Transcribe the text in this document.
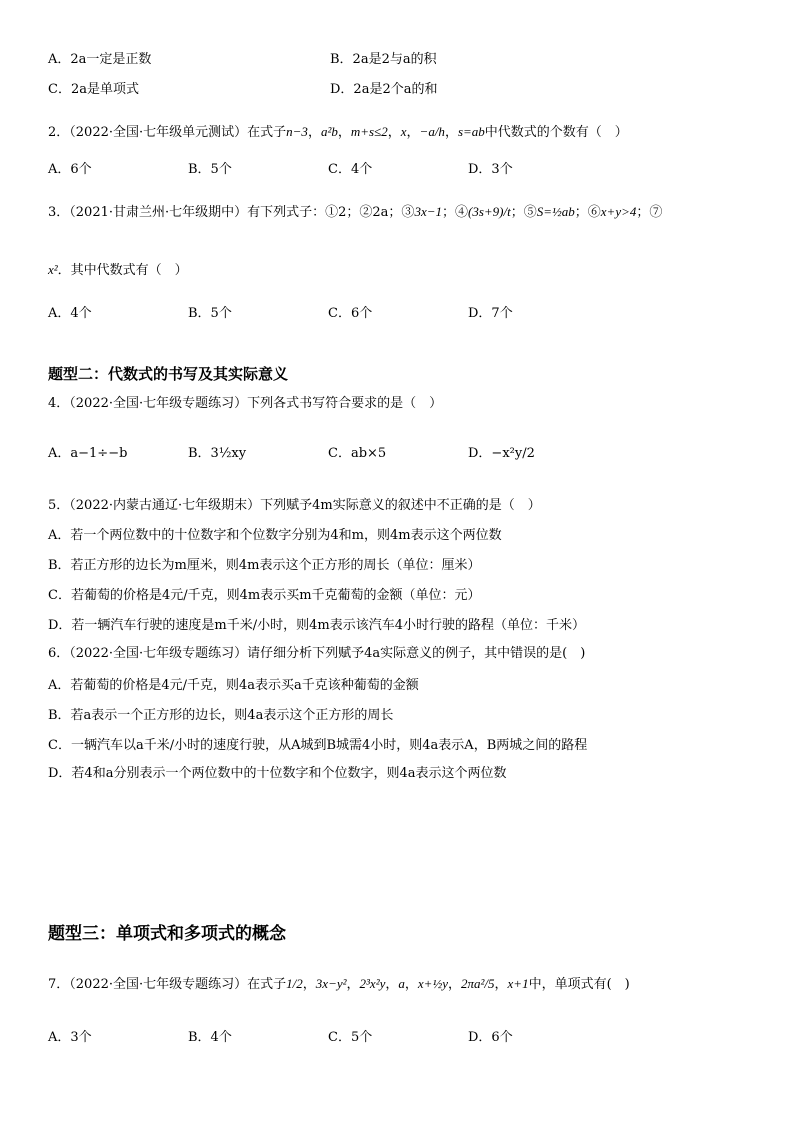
A．2a一定是正数	B．2a是2与a的积
C．2a是单项式	D．2a是2个a的和
2．（2022·全国·七年级单元测试）在式子n−3，a²b，m+s≤2，x，−a/h，s=ab中代数式的个数有（　）
A．6个	B．5个	C．4个	D．3个
3．（2021·甘肃兰州·七年级期中）有下列式子：①2；②2a；③3x−1；④(3s+9)/t；⑤S=½ab；⑥x+y>4；⑦
x²．其中代数式有（　）
A．4个	B．5个	C．6个	D．7个
题型二：代数式的书写及其实际意义
4．（2022·全国·七年级专题练习）下列各式书写符合要求的是（　）
A．a−1÷−b	B．3½xy	C．ab×5	D．−x²y/2
5．（2022·内蒙古通辽·七年级期末）下列赋予4m实际意义的叙述中不正确的是（　）
A．若一个两位数中的十位数字和个位数字分别为4和m，则4m表示这个两位数
B．若正方形的边长为m厘米，则4m表示这个正方形的周长（单位：厘米）
C．若葡萄的价格是4元/千克，则4m表示买m千克葡萄的金额（单位：元）
D．若一辆汽车行驶的速度是m千米/小时，则4m表示该汽车4小时行驶的路程（单位：千米）
6．（2022·全国·七年级专题练习）请仔细分析下列赋予4a实际意义的例子，其中错误的是(　)
A．若葡萄的价格是4元/千克，则4a表示买a千克该种葡萄的金额
B．若a表示一个正方形的边长，则4a表示这个正方形的周长
C．一辆汽车以a千米/小时的速度行驶，从A城到B城需4小时，则4a表示A，B两城之间的路程
D．若4和a分别表示一个两位数中的十位数字和个位数字，则4a表示这个两位数
题型三：单项式和多项式的概念
7．（2022·全国·七年级专题练习）在式子1/2，3x−y²，2³x²y，a，x+½y，2πa²/5，x+1中，单项式有(　)
A．3个	B．4个	C．5个	D．6个
